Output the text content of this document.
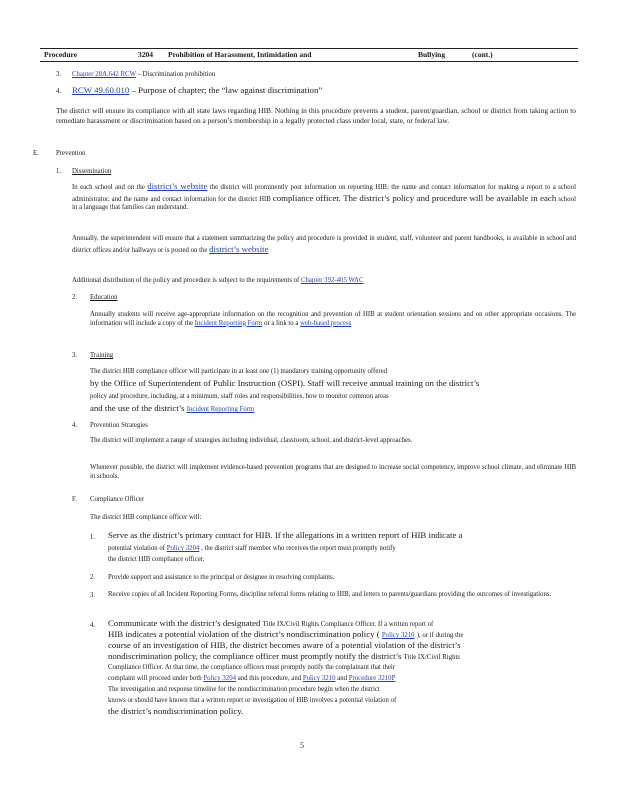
Procedure	3204 Prohibition of Harassment, Intimidation and	Bullying	(cont.)
3. Chapter 28A.642 RCW – Discrimination prohibition
4. RCW 49.60.010 – Purpose of chapter; the “law against discrimination”
The district will ensure its compliance with all state laws regarding HIB. Nothing in this procedure prevents a student, parent/guardian, school or district from taking action to remediate harassment or discrimination based on a person’s membership in a legally protected class under local, state, or federal law.
E.	Prevention
1. Dissemination
In each school and on the district’s website the district will prominently post information on reporting HIB; the name and contact information for making a report to a school administrator, and the name and contact information for the district HIB compliance officer. The district’s policy and procedure will be available in each school in a language that families can understand.
Annually, the superintendent will ensure that a statement summarizing the policy and procedure is provided in student, staff, volunteer and parent handbooks, is available in school and district offices and/or hallways or is posted on the district’s website
Additional distribution of the policy and procedure is subject to the requirements of Chapter 392-405 WAC
2. Education
Annually students will receive age-appropriate information on the recognition and prevention of HIB at student orientation sessions and on other appropriate occasions. The information will include a copy of the Incident Reporting Form or a link to a web-based process
3. Training
The district HIB compliance officer will participate in at least one (1) mandatory training opportunity offered
by the Office of Superintendent of Public Instruction (OSPI). Staff will receive annual training on the district’s
policy and procedure, including, at a minimum, staff roles and responsibilities, how to monitor common areas
and the use of the district’s Incident Reporting Form
4. Prevention Strategies
The district will implement a range of strategies including individual, classroom, school, and district-level approaches.
Whenever possible, the district will implement evidence-based prevention programs that are designed to increase social competency, improve school climate, and eliminate HIB in schools.
F. Compliance Officer
The district HIB compliance officer will:
1. Serve as the district’s primary contact for HIB. If the allegations in a written report of HIB indicate a
potential violation of Policy 3204 , the district staff member who receives the report must promptly notify
the district HIB compliance officer.
2. Provide support and assistance to the principal or designee in resolving complaints.
3. Receive copies of all Incident Reporting Forms, discipline referral forms relating to HIB, and letters to parents/guardians providing the outcomes of investigations.
4. Communicate with the district’s designated Title IX/Civil Rights Compliance Officer. If a written report of
HIB indicates a potential violation of the district’s nondiscrimination policy ( Policy 3210 ), or if during the
course of an investigation of HIB, the district becomes aware of a potential violation of the district’s
nondiscrimination policy, the compliance officer must promptly notify the district’s Title IX/Civil Rights
Compliance Officer. At that time, the compliance officers must promptly notify the complainant that their
complaint will proceed under both Policy 3204 and this procedure, and Policy 3210 and Procedure 3210P
The investigation and response timeline for the nondiscrimination procedure begin when the district
knows or should have known that a written report or investigation of HIB involves a potential violation of
the district’s nondiscrimination policy.
5
